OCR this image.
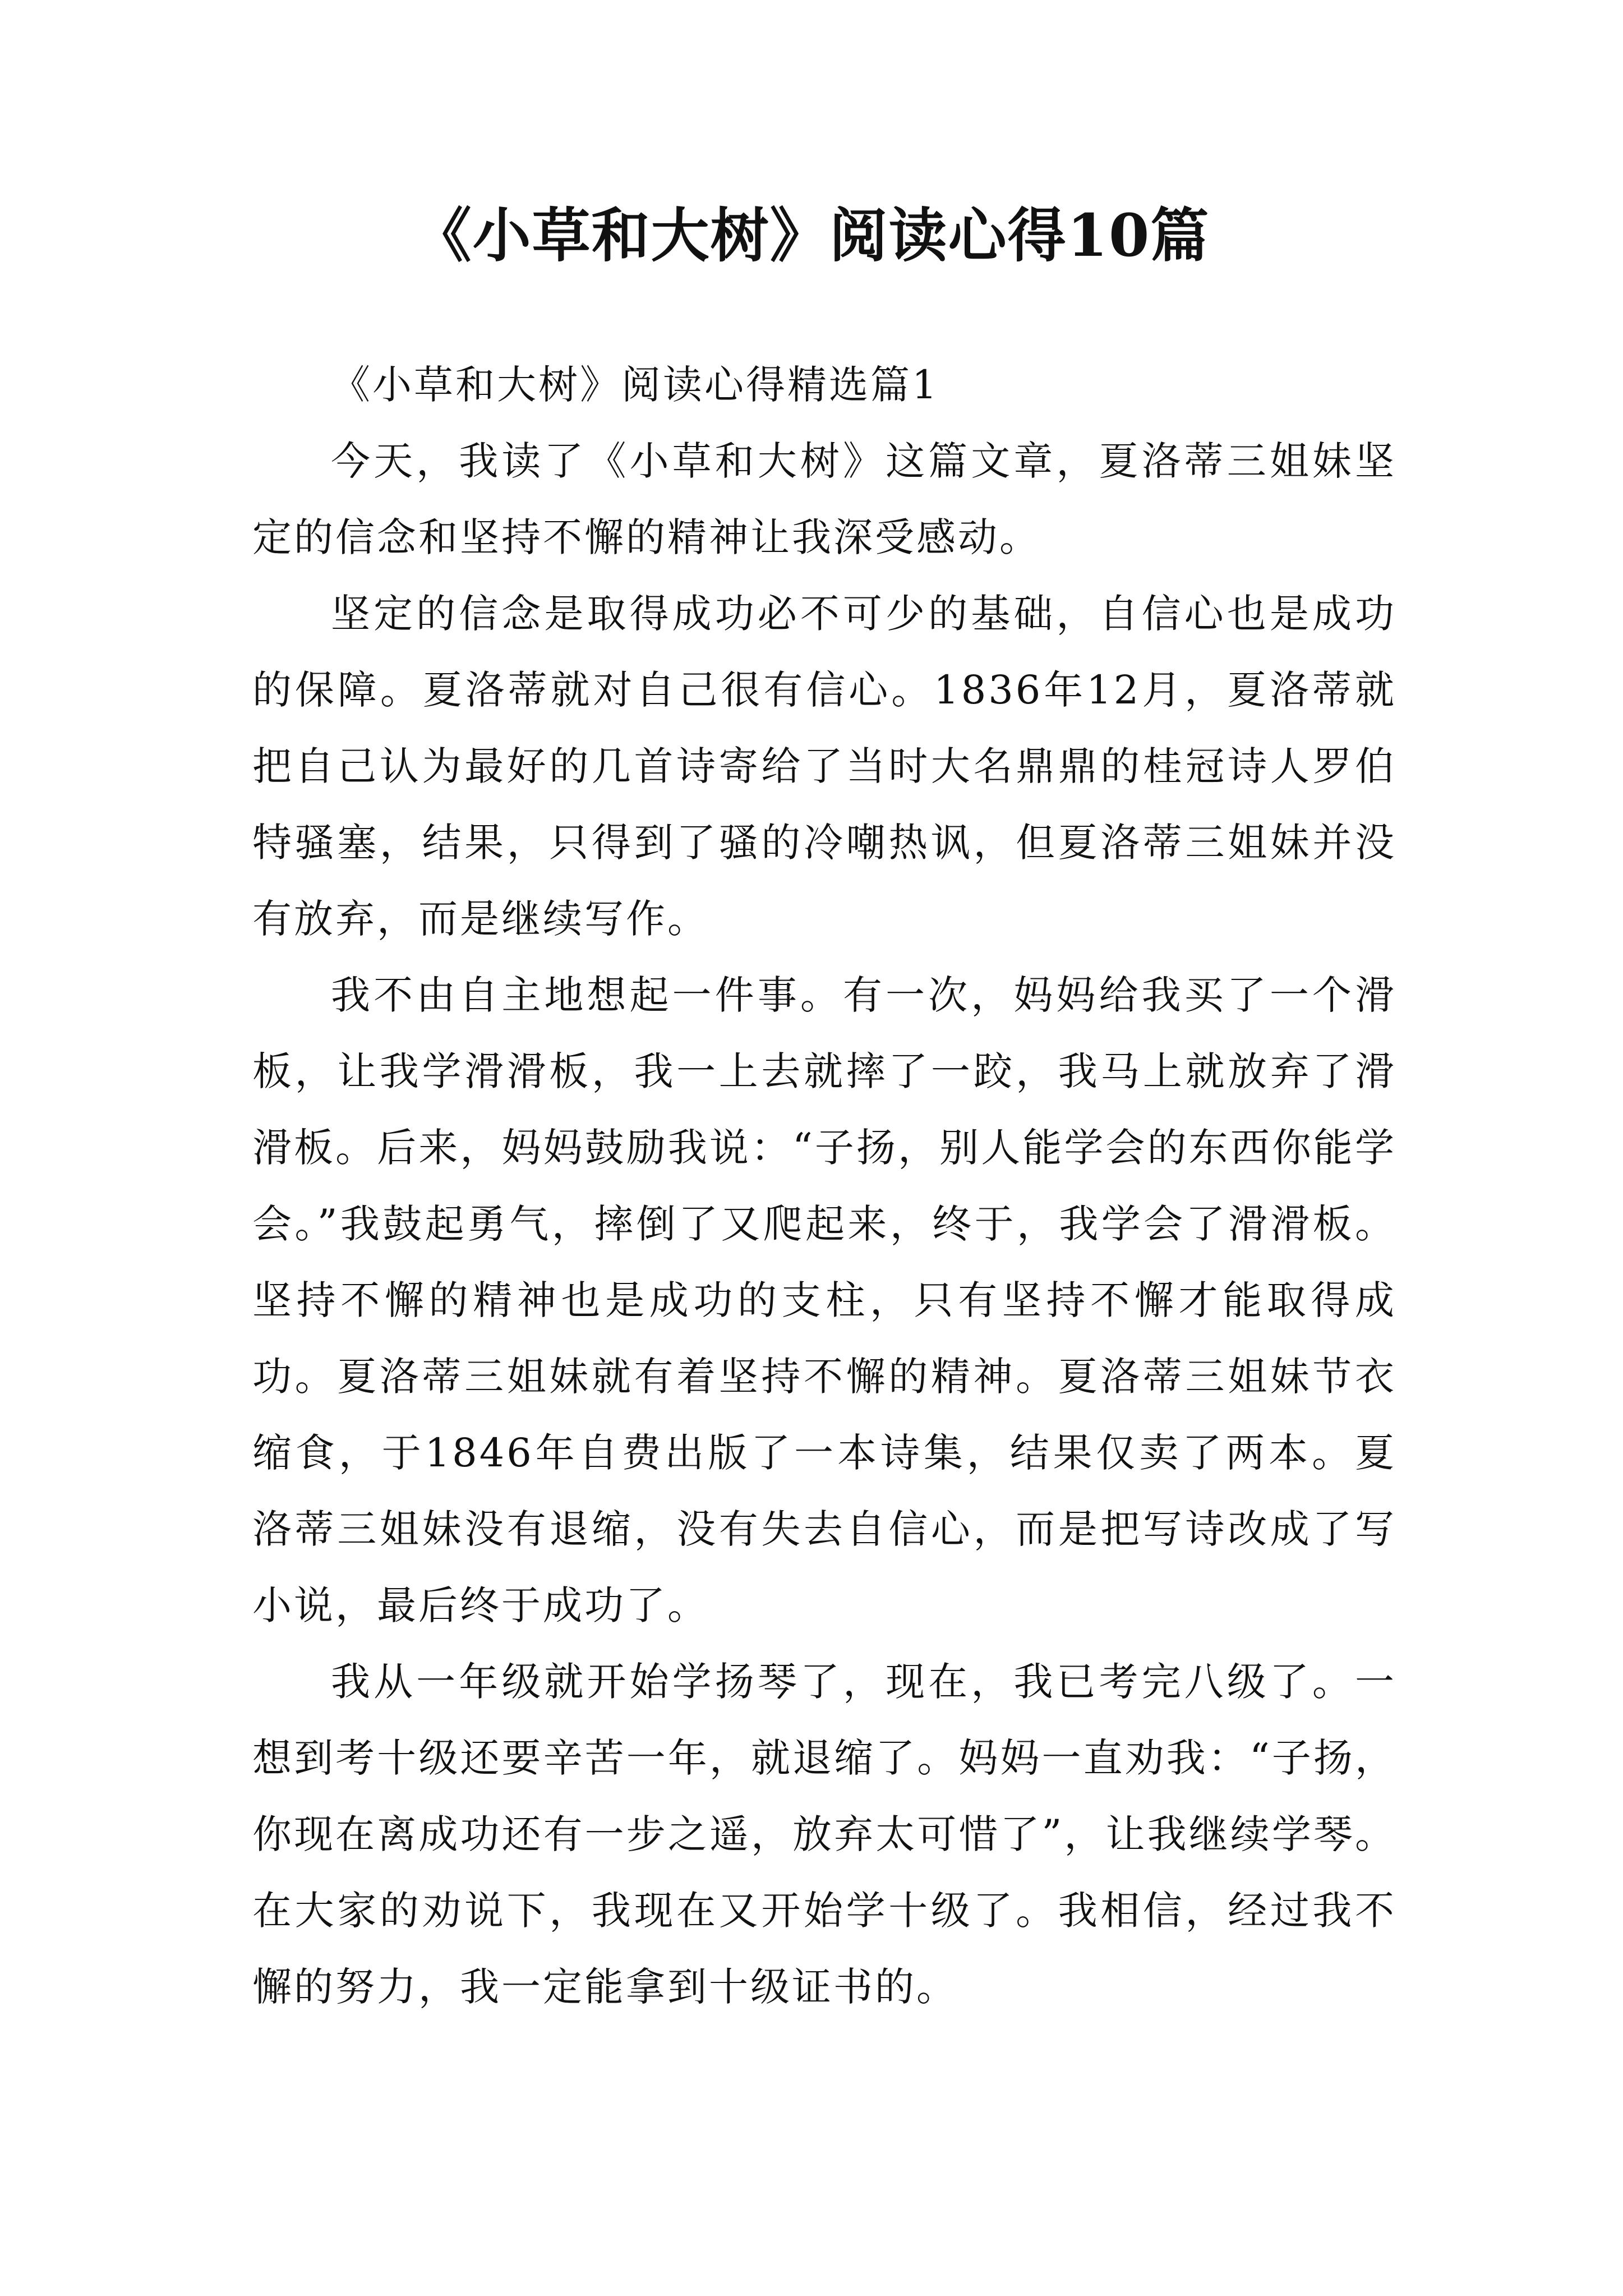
《小草和大树》阅读心得10篇

《小草和大树》阅读心得精选篇1

今天，我读了《小草和大树》这篇文章，夏洛蒂三姐妹坚定的信念和坚持不懈的精神让我深受感动。

坚定的信念是取得成功必不可少的基础，自信心也是成功的保障。夏洛蒂就对自己很有信心。1836年12月，夏洛蒂就把自己认为最好的几首诗寄给了当时大名鼎鼎的桂冠诗人罗伯特骚塞，结果，只得到了骚的冷嘲热讽，但夏洛蒂三姐妹并没有放弃，而是继续写作。

我不由自主地想起一件事。有一次，妈妈给我买了一个滑板，让我学滑滑板，我一上去就摔了一跤，我马上就放弃了滑滑板。后来，妈妈鼓励我说：“子扬，别人能学会的东西你能学会。”我鼓起勇气，摔倒了又爬起来，终于，我学会了滑滑板。坚持不懈的精神也是成功的支柱，只有坚持不懈才能取得成功。夏洛蒂三姐妹就有着坚持不懈的精神。夏洛蒂三姐妹节衣缩食，于1846年自费出版了一本诗集，结果仅卖了两本。夏洛蒂三姐妹没有退缩，没有失去自信心，而是把写诗改成了写小说，最后终于成功了。

我从一年级就开始学扬琴了，现在，我已考完八级了。一想到考十级还要辛苦一年，就退缩了。妈妈一直劝我：“子扬，你现在离成功还有一步之遥，放弃太可惜了”，让我继续学琴。在大家的劝说下，我现在又开始学十级了。我相信，经过我不懈的努力，我一定能拿到十级证书的。
